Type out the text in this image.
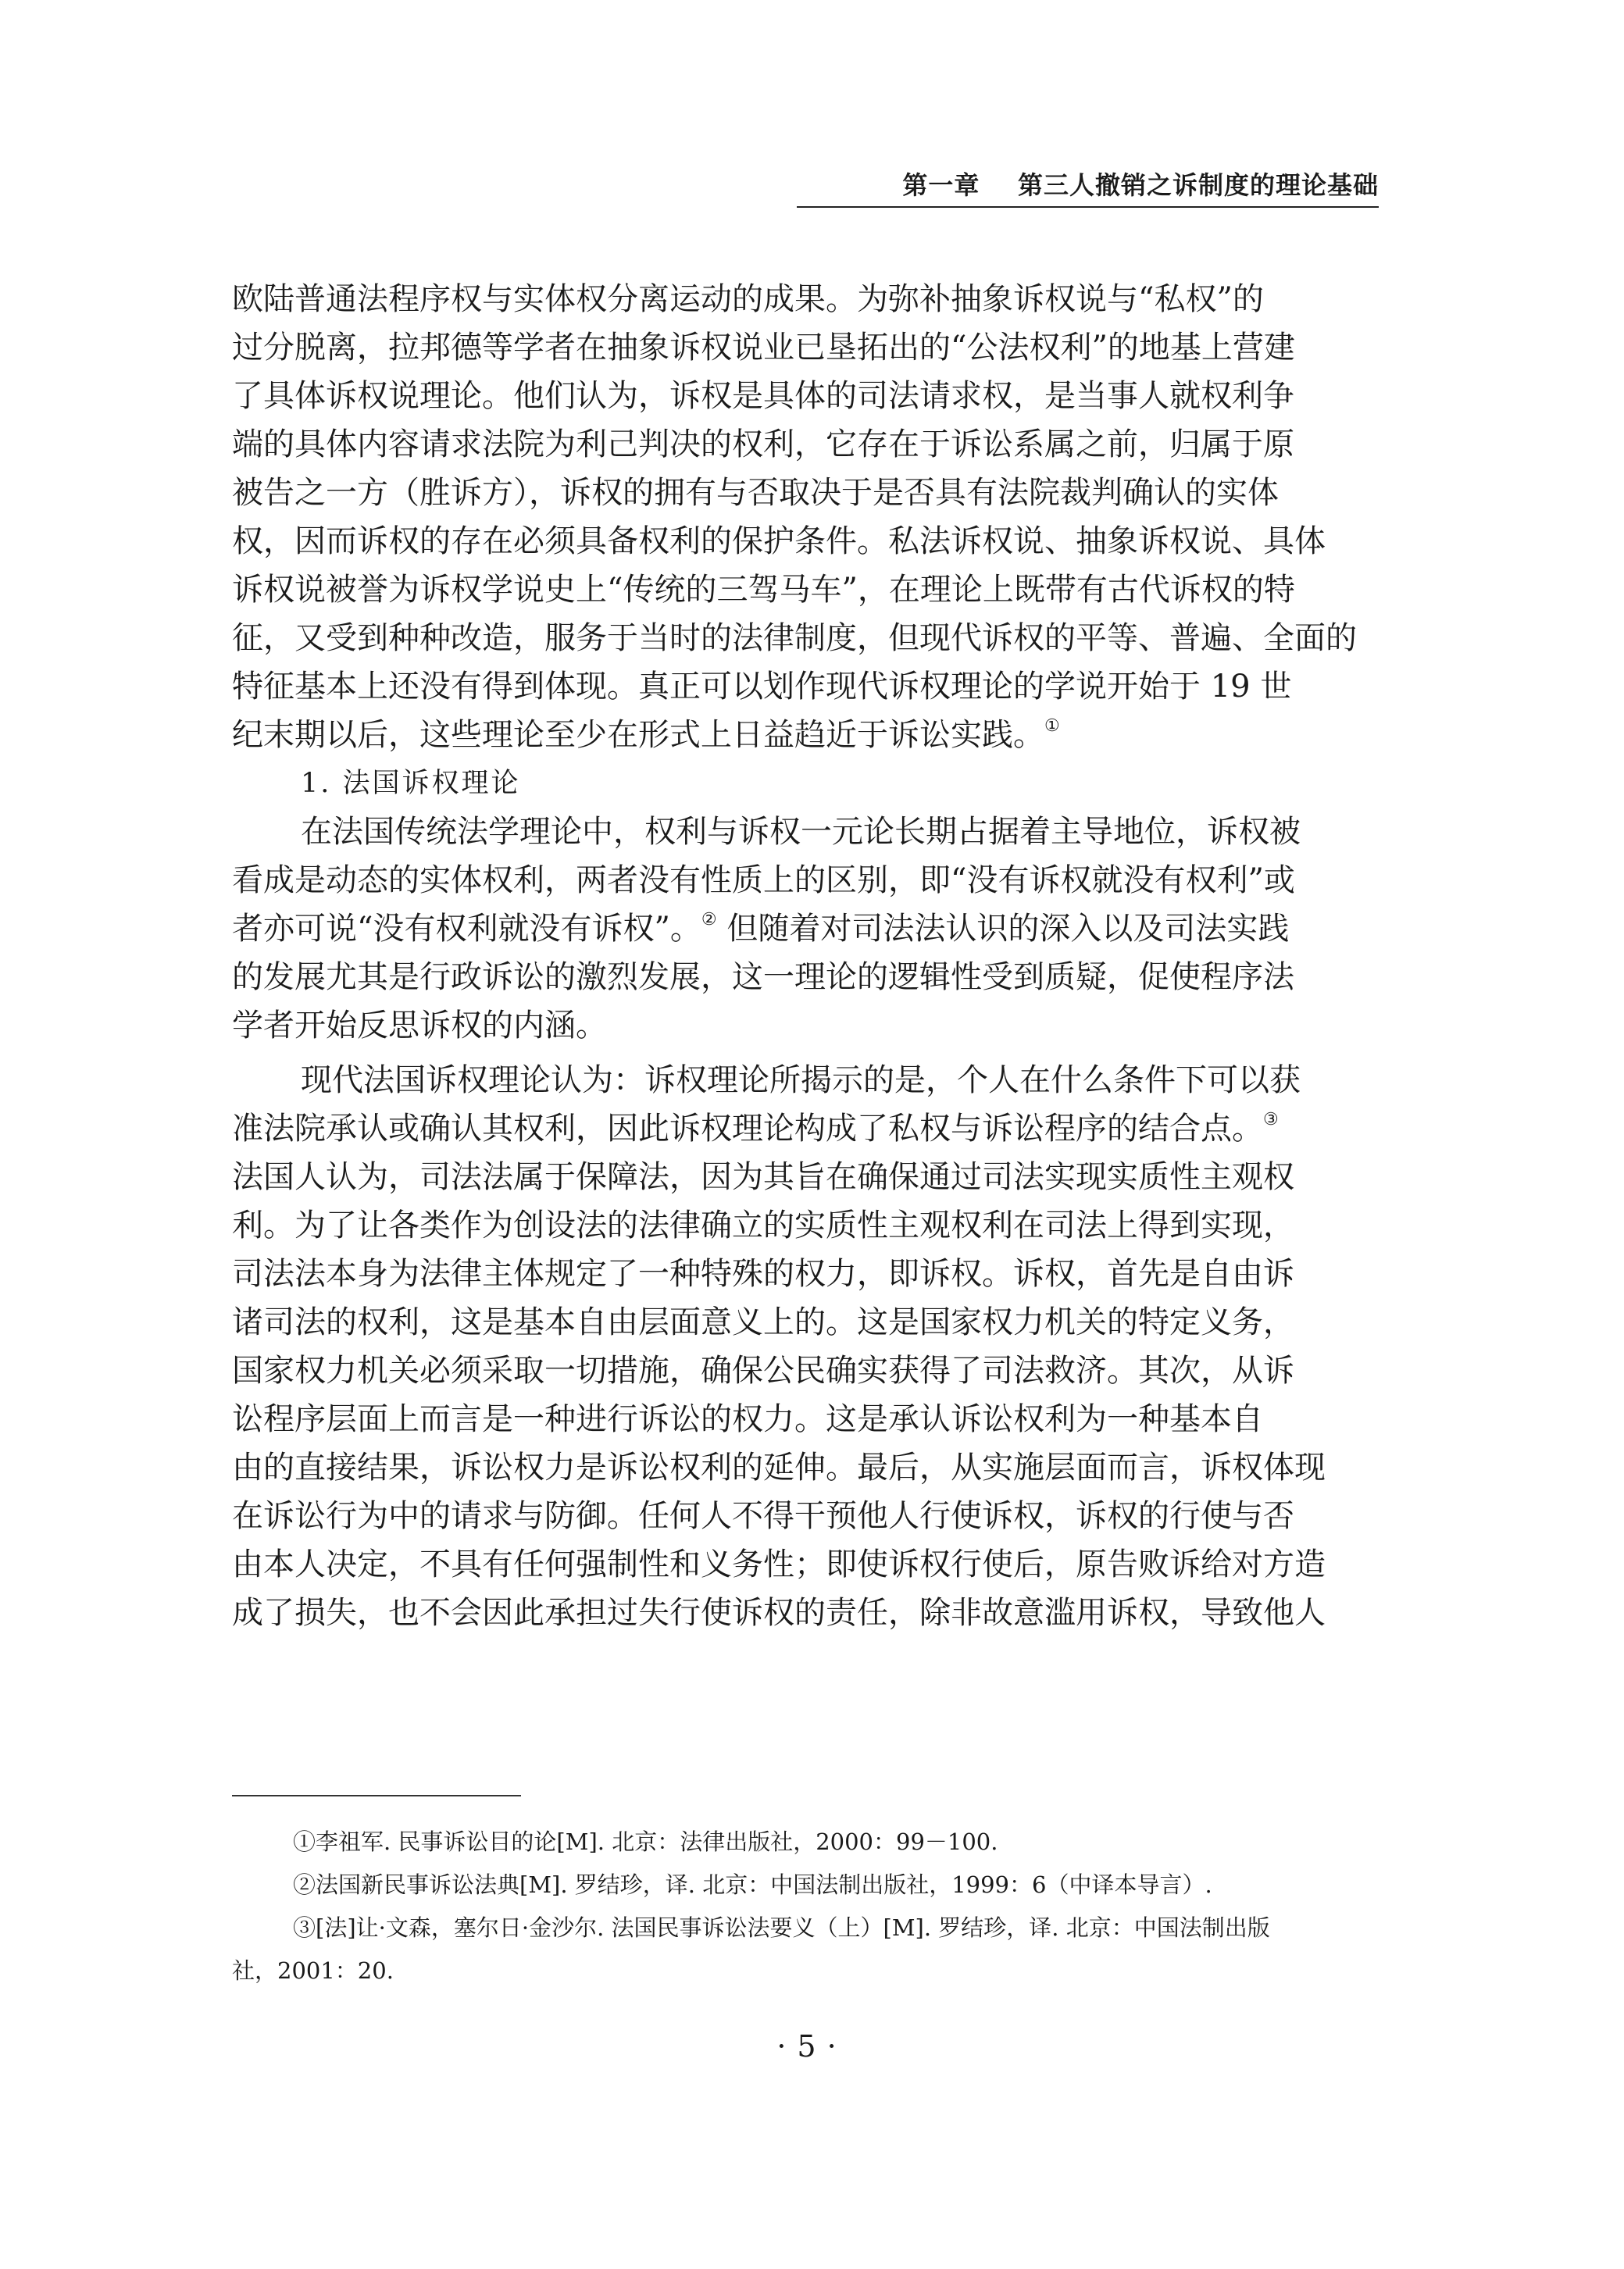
第一章
第三人撤销之诉制度的理论基础
欧陆普通法程序权与实体权分离运动的成果。为弥补抽象诉权说与“私权”的
过分脱离，拉邦德等学者在抽象诉权说业已垦拓出的“公法权利”的地基上营建
了具体诉权说理论。他们认为，诉权是具体的司法请求权，是当事人就权利争
端的具体内容请求法院为利己判决的权利，它存在于诉讼系属之前，归属于原
被告之一方（胜诉方），诉权的拥有与否取决于是否具有法院裁判确认的实体
权，因而诉权的存在必须具备权利的保护条件。私法诉权说、抽象诉权说、具体
诉权说被誉为诉权学说史上“传统的三驾马车”，在理论上既带有古代诉权的特
征，又受到种种改造，服务于当时的法律制度，但现代诉权的平等、普遍、全面的
特征基本上还没有得到体现。真正可以划作现代诉权理论的学说开始于 19 世
纪末期以后，这些理论至少在形式上日益趋近于诉讼实践。①
1. 法国诉权理论
在法国传统法学理论中，权利与诉权一元论长期占据着主导地位，诉权被
看成是动态的实体权利，两者没有性质上的区别，即“没有诉权就没有权利”或
者亦可说“没有权利就没有诉权”。② 但随着对司法法认识的深入以及司法实践
的发展尤其是行政诉讼的激烈发展，这一理论的逻辑性受到质疑，促使程序法
学者开始反思诉权的内涵。
现代法国诉权理论认为：诉权理论所揭示的是，个人在什么条件下可以获
准法院承认或确认其权利，因此诉权理论构成了私权与诉讼程序的结合点。③
法国人认为，司法法属于保障法，因为其旨在确保通过司法实现实质性主观权
利。为了让各类作为创设法的法律确立的实质性主观权利在司法上得到实现，
司法法本身为法律主体规定了一种特殊的权力，即诉权。诉权，首先是自由诉
诸司法的权利，这是基本自由层面意义上的。这是国家权力机关的特定义务，
国家权力机关必须采取一切措施，确保公民确实获得了司法救济。其次，从诉
讼程序层面上而言是一种进行诉讼的权力。这是承认诉讼权利为一种基本自
由的直接结果，诉讼权力是诉讼权利的延伸。最后，从实施层面而言，诉权体现
在诉讼行为中的请求与防御。任何人不得干预他人行使诉权，诉权的行使与否
由本人决定，不具有任何强制性和义务性；即使诉权行使后，原告败诉给对方造
成了损失，也不会因此承担过失行使诉权的责任，除非故意滥用诉权，导致他人
①李祖军. 民事诉讼目的论[M]. 北京：法律出版社，2000：99－100.
②法国新民事诉讼法典[M]. 罗结珍，译. 北京：中国法制出版社，1999：6（中译本导言）.
③[法]让·文森，塞尔日·金沙尔. 法国民事诉讼法要义（上）[M]. 罗结珍，译. 北京：中国法制出版
社，2001：20.
·5·
